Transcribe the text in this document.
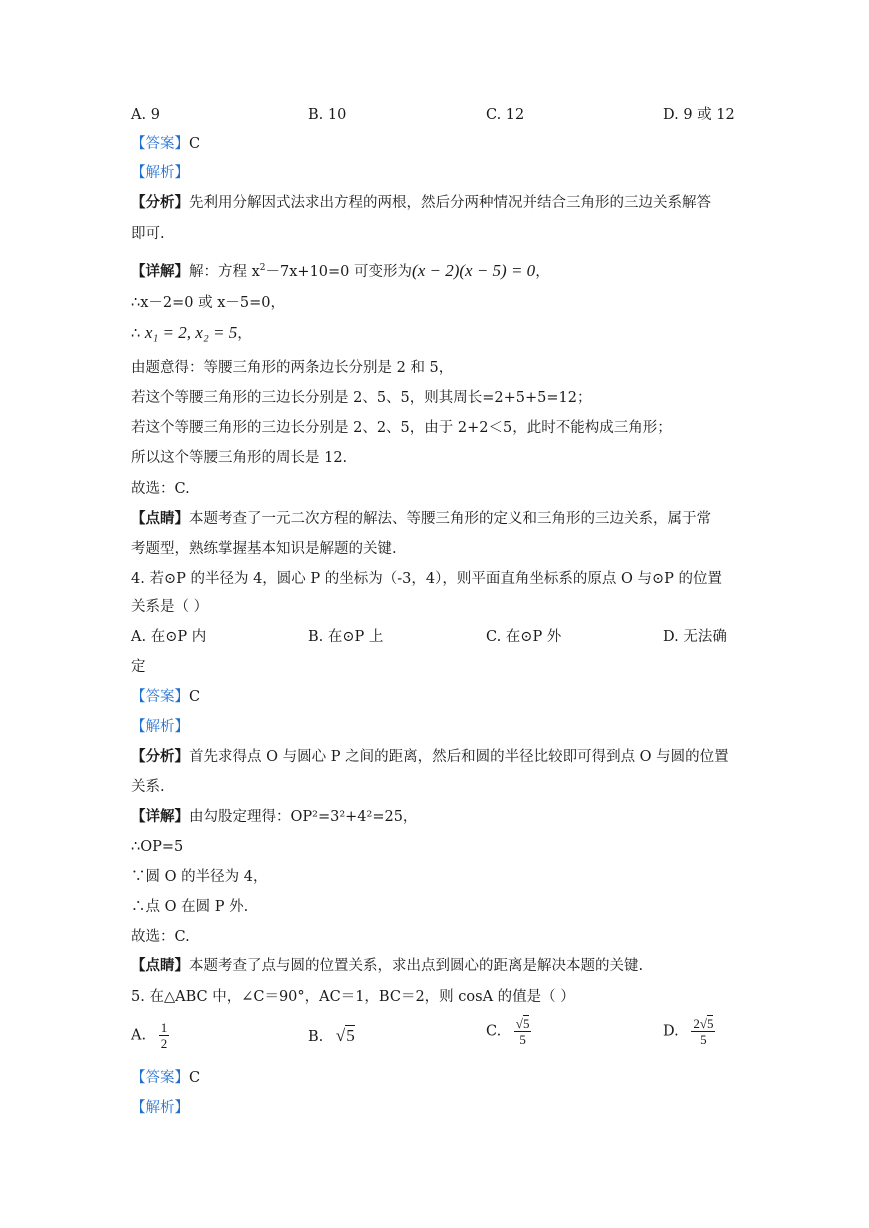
A. 9	B. 10	C. 12	D. 9 或 12
【答案】C
【解析】
【分析】先利用分解因式法求出方程的两根，然后分两种情况并结合三角形的三边关系解答
即可.
【详解】解：方程 $x^2-7x+10=0$ 可变形为(x − 2)(x − 5) = 0，
∴x－2=0 或 x－5=0，
∴ x₁ = 2, x₂ = 5，
由题意得：等腰三角形的两条边长分别是 2 和 5，
若这个等腰三角形的三边长分别是 2、5、5，则其周长=2+5+5=12；
若这个等腰三角形的三边长分别是 2、2、5，由于 2+2＜5，此时不能构成三角形；
所以这个等腰三角形的周长是 12.
故选：C.
【点睛】本题考查了一元二次方程的解法、等腰三角形的定义和三角形的三边关系，属于常
考题型，熟练掌握基本知识是解题的关键.
4. 若⊙P 的半径为 4，圆心 P 的坐标为（-3，4），则平面直角坐标系的原点 O 与⊙P 的位置
关系是（ ）
A. 在⊙P 内	B. 在⊙P 上	C. 在⊙P 外	D. 无法确
定
【答案】C
【解析】
【分析】首先求得点 O 与圆心 P 之间的距离，然后和圆的半径比较即可得到点 O 与圆的位置
关系.
【详解】由勾股定理得：OP²=3²+4²=25，
∴OP=5
∵圆 O 的半径为 4，
∴点 O 在圆 P 外.
故选：C.
【点睛】本题考查了点与圆的位置关系，求出点到圆心的距离是解决本题的关键.
5. 在△ABC 中，∠C＝90°，AC＝1，BC＝2，则 cosA 的值是（ ）
A. $\frac{1}{2}$	B. √5	C. $\frac{√5}{5}$	D. $\frac{2√5}{5}$
【答案】C
【解析】
